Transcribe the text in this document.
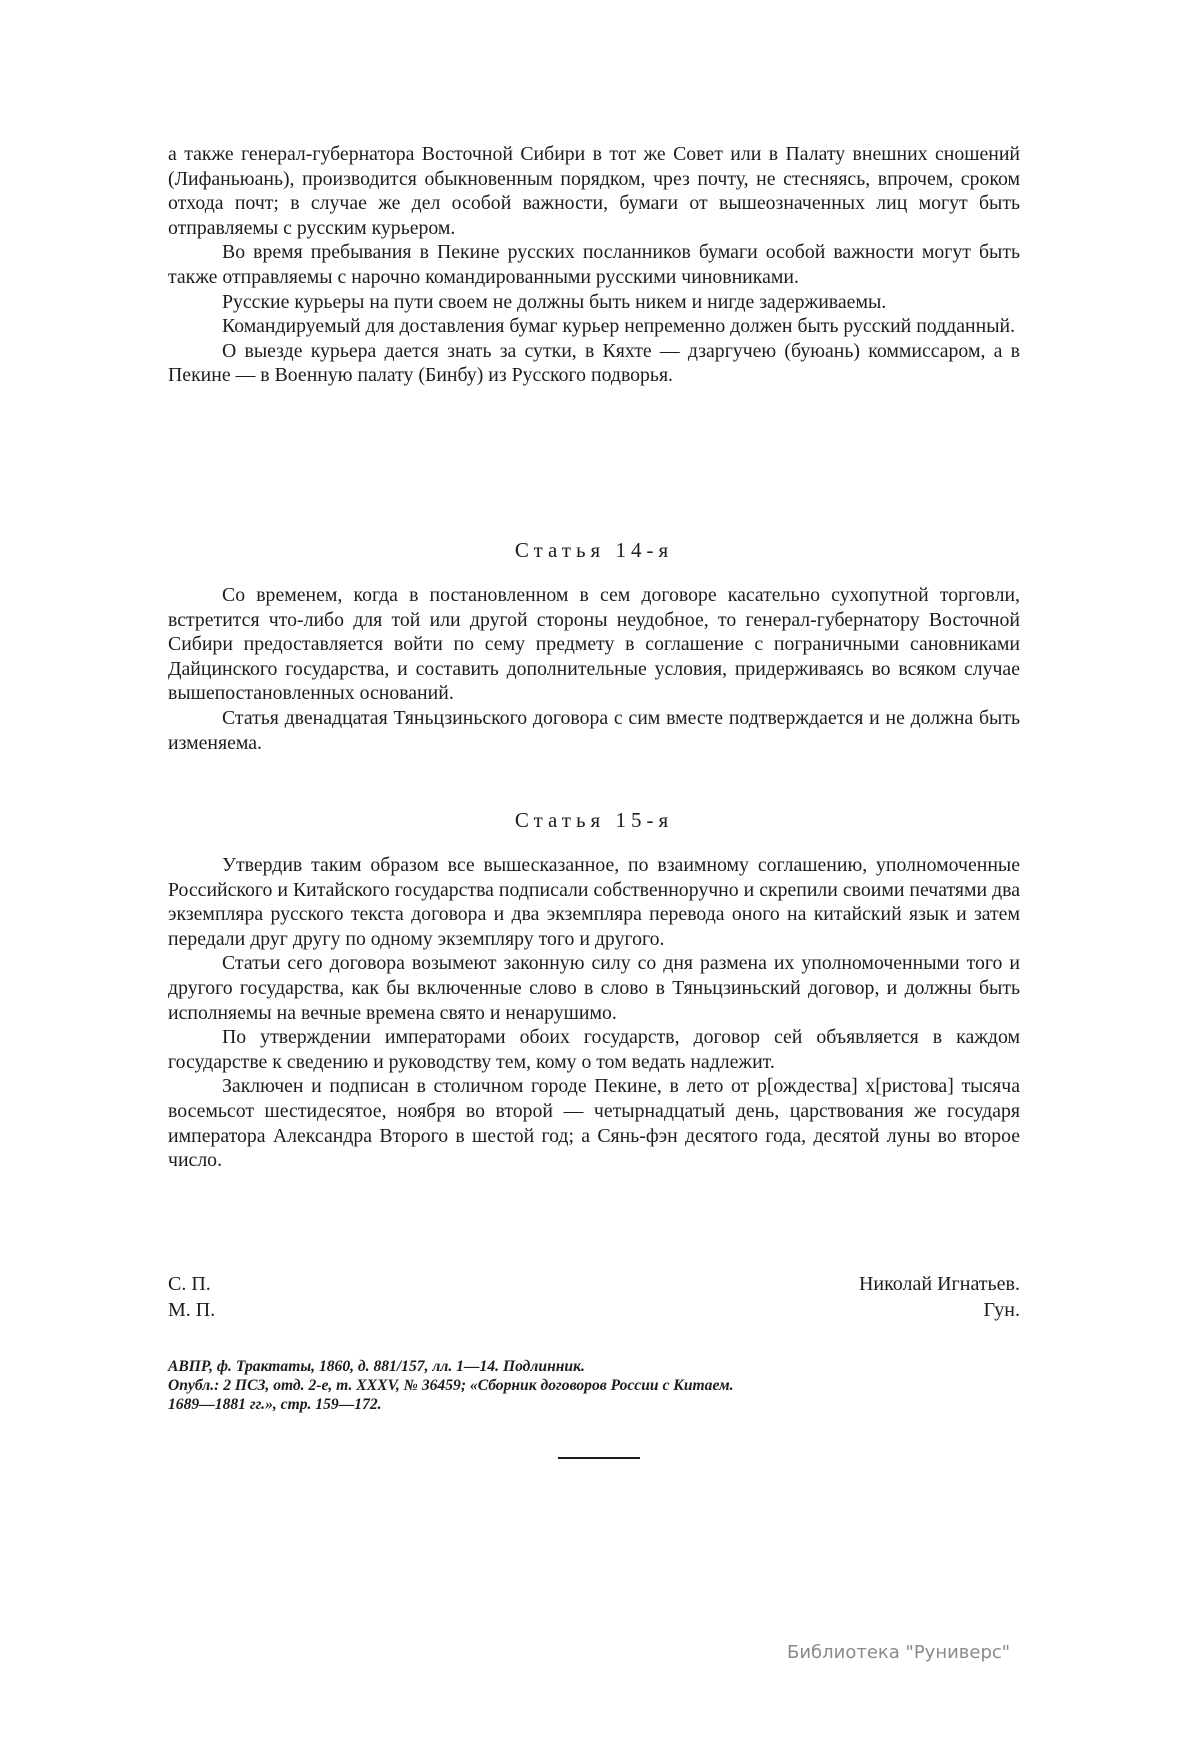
а также генерал-губернатора Восточной Сибири в тот же Совет или в Палату внешних сношений (Лифаньюань), производится обыкновенным порядком, чрез почту, не стесняясь, впрочем, сроком отхода почт; в случае же дел особой важности, бумаги от вышеозначенных лиц могут быть отправляемы с русским курьером.

Во время пребывания в Пекине русских посланников бумаги особой важности могут быть также отправляемы с нарочно командированными русскими чиновниками.

Русские курьеры на пути своем не должны быть никем и нигде задерживаемы.

Командируемый для доставления бумаг курьер непременно должен быть русский подданный.

О выезде курьера дается знать за сутки, в Кяхте — дзаргучею (буюань) коммиссаром, а в Пекине — в Военную палату (Бинбу) из Русского подворья.

Статья 14-я

Со временем, когда в постановленном в сем договоре касательно сухопутной торговли, встретится что-либо для той или другой стороны неудобное, то генерал-губернатору Восточной Сибири предоставляется войти по сему предмету в соглашение с пограничными сановниками Дайцинского государства, и составить дополнительные условия, придерживаясь во всяком случае вышепостановленных оснований.

Статья двенадцатая Тяньцзиньского договора с сим вместе подтверждается и не должна быть изменяема.

Статья 15-я

Утвердив таким образом все вышесказанное, по взаимному соглашению, уполномоченные Российского и Китайского государства подписали собственноручно и скрепили своими печатями два экземпляра русского текста договора и два экземпляра перевода оного на китайский язык и затем передали друг другу по одному экземпляру того и другого.

Статьи сего договора возымеют законную силу со дня размена их уполномоченными того и другого государства, как бы включенные слово в слово в Тяньцзиньский договор, и должны быть исполняемы на вечные времена свято и ненарушимо.

По утверждении императорами обоих государств, договор сей объявляется в каждом государстве к сведению и руководству тем, кому о том ведать надлежит.

Заключен и подписан в столичном городе Пекине, в лето от р[ождества] х[ристова] тысяча восемьсот шестидесятое, ноября во второй — четырнадцатый день, царствования же государя императора Александра Второго в шестой год; а Сянь-фэн десятого года, десятой луны во второе число.

С. П.
М. П.
Николай Игнатьев.
Гун.
АВПР, ф. Трактаты, 1860, д. 881/157, лл. 1—14. Подлинник.
Опубл.: 2 ПСЗ, отд. 2-е, т. XXXV, № 36459; «Сборник договоров России с Китаем.
1689—1881 гг.», стр. 159—172.
Библиотека "Руниверс"
